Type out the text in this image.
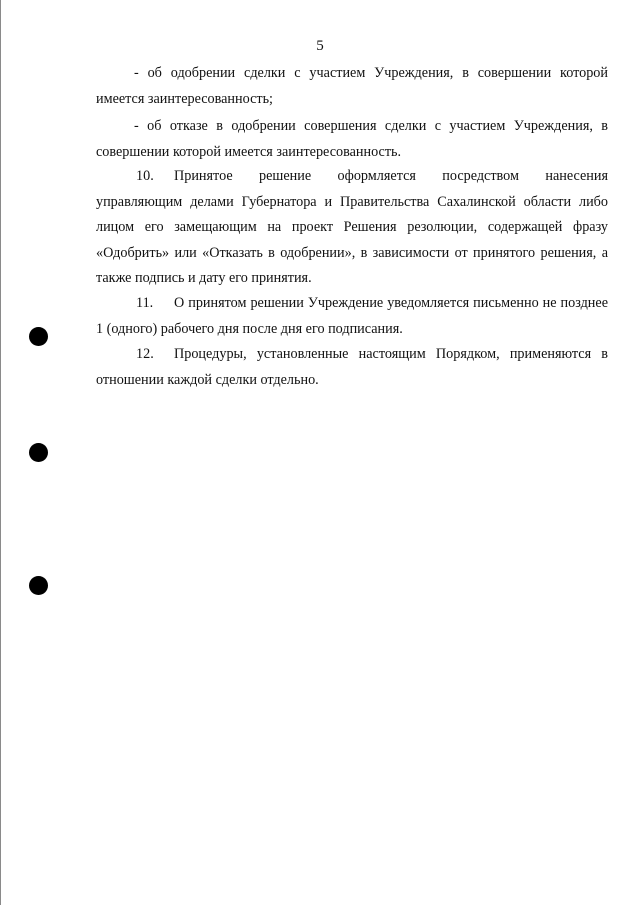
5
- об одобрении сделки с участием Учреждения, в совершении которой
имеется заинтересованность;
- об отказе в одобрении совершения сделки с участием Учреждения, в
совершении которой имеется заинтересованность.
10.	Принятое решение оформляется посредством нанесения
управляющим делами Губернатора и Правительства Сахалинской области либо
лицом его замещающим на проект Решения резолюции, содержащей фразу
«Одобрить» или «Отказать в одобрении», в зависимости от принятого решения, а
также подпись и дату его принятия.
11.	О принятом решении Учреждение уведомляется письменно не позднее
1 (одного) рабочего дня после дня его подписания.
12.	Процедуры, установленные настоящим Порядком, применяются в
отношении каждой сделки отдельно.
